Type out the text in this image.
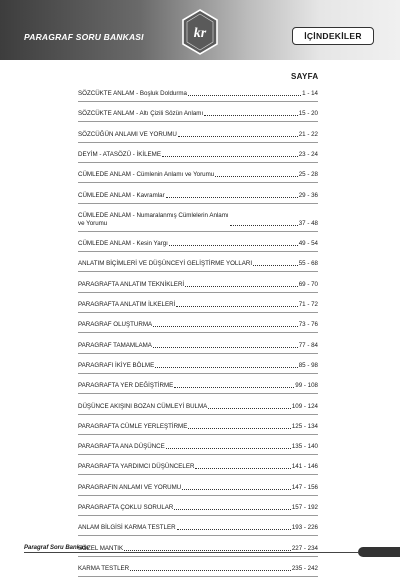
PARAGRAF SORU BANKASI	kr	İÇİNDEKİLER
SAYFA
SÖZCÜKTE ANLAM - Boşluk Doldurma	1 - 14
SÖZCÜKTE ANLAM - Altı Çizili Sözün Anlamı	15 - 20
SÖZCÜĞÜN ANLAMI VE YORUMU	21 - 22
DEYİM - ATASÖZÜ - İKİLEME	23 - 24
CÜMLEDE ANLAM - Cümlenin Anlamı ve Yorumu	25 - 28
CÜMLEDE ANLAM - Kavramlar	29 - 36
CÜMLEDE ANLAM - Numaralanmış Cümlelerin Anlamı
ve Yorumu	37 - 48
CÜMLEDE ANLAM - Kesin Yargı	49 - 54
ANLATIM BİÇİMLERİ VE DÜŞÜNCEYİ GELİŞTİRME YOLLARI	55 - 68
PARAGRAFTA ANLATIM TEKNİKLERİ	69 - 70
PARAGRAFTA ANLATIM İLKELERİ	71 - 72
PARAGRAF OLUŞTURMA	73 - 76
PARAGRAF TAMAMLAMA	77 - 84
PARAGRAFI İKİYE BÖLME	85 - 98
PARAGRAFTA YER DEĞİŞTİRME	99 - 108
DÜŞÜNCE AKIŞINI BOZAN CÜMLEYİ BULMA	109 - 124
PARAGRAFTA CÜMLE YERLEŞTİRME	125 - 134
PARAGRAFTA ANA DÜŞÜNCE	135 - 140
PARAGRAFTA YARDIMCI DÜŞÜNCELER	141 - 146
PARAGRAFIN ANLAMI VE YORUMU	147 - 156
PARAGRAFTA ÇOKLU SORULAR	157 - 192
ANLAM BİLGİSİ KARMA TESTLER	193 - 226
SÖZEL MANTIK	227 - 234
KARMA TESTLER	235 - 242
Paragraf Soru Bankası
